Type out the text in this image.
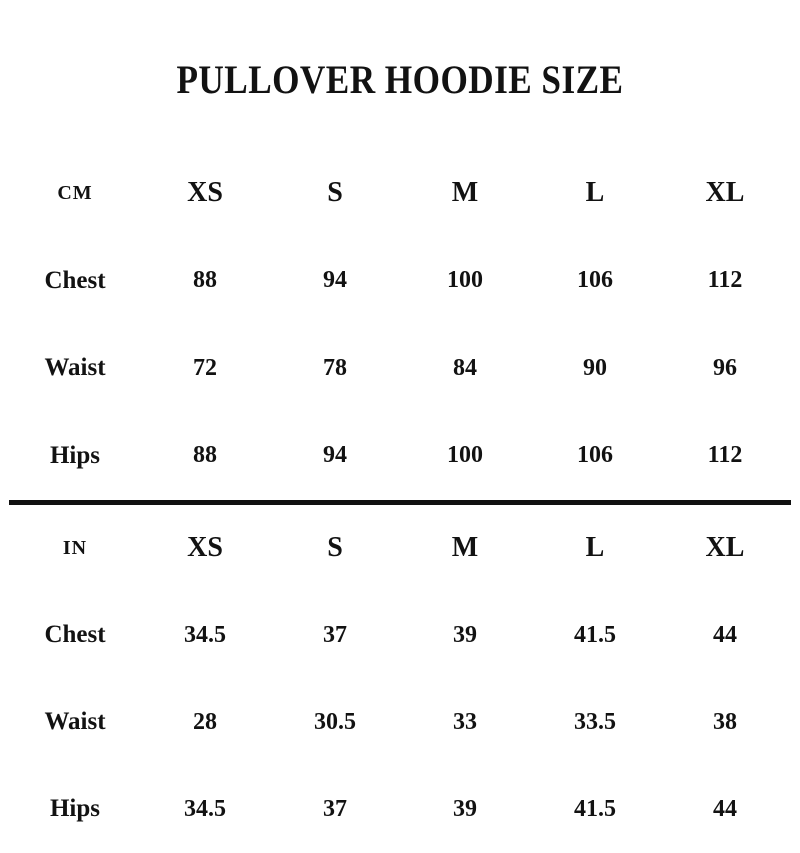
PULLOVER HOODIE SIZE
CM	XS	S	M	L	XL
Chest	88	94	100	106	112
Waist	72	78	84	90	96
Hips	88	94	100	106	112
IN	XS	S	M	L	XL
Chest	34.5	37	39	41.5	44
Waist	28	30.5	33	33.5	38
Hips	34.5	37	39	41.5	44
